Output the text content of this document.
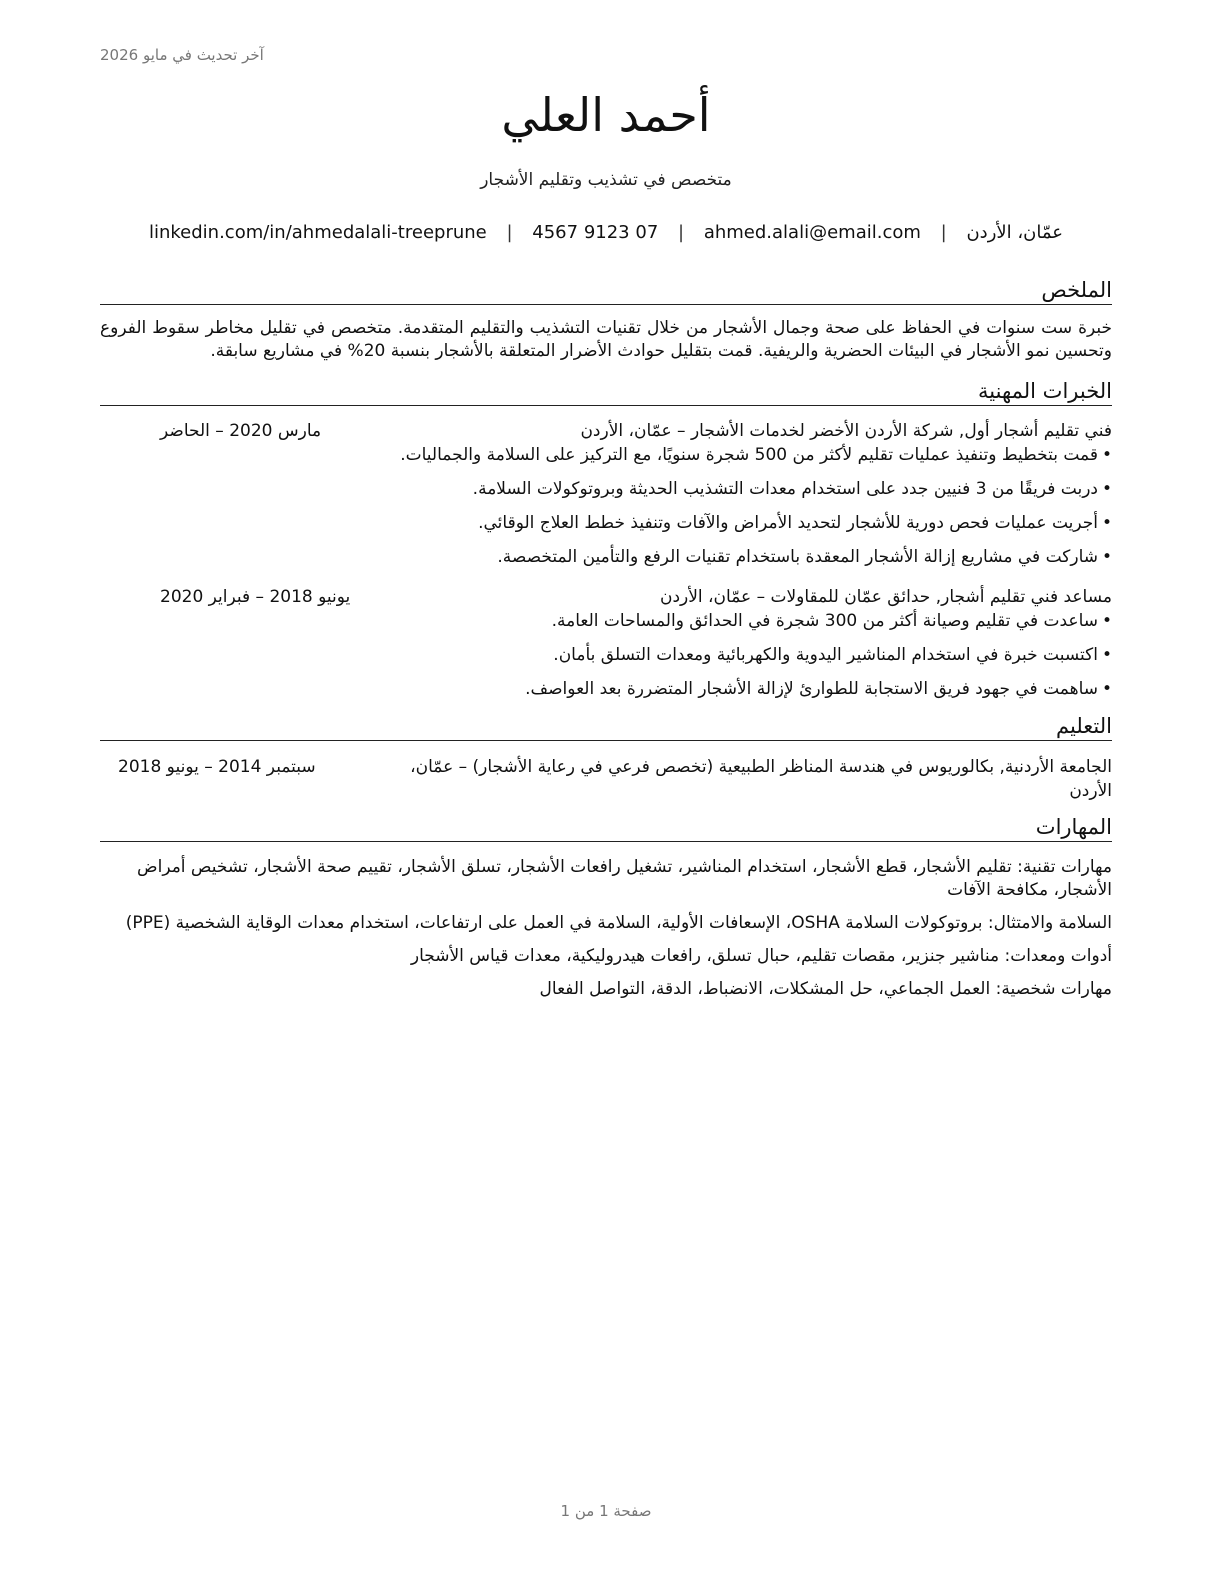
آخر تحديث في مايو 2026
أحمد العلي
متخصص في تشذيب وتقليم الأشجار
عمّان، الأردن | ahmed.alali@email.com | 07 9123 4567 | linkedin.com/in/ahmedalali-treeprune
الملخص

خبرة ست سنوات في الحفاظ على صحة وجمال الأشجار من خلال تقنيات التشذيب والتقليم المتقدمة. متخصص في تقليل مخاطر سقوط الفروع وتحسين نمو الأشجار في البيئات الحضرية والريفية. قمت بتقليل حوادث الأضرار المتعلقة بالأشجار بنسبة 20% في مشاريع سابقة.

الخبرات المهنية
فني تقليم أشجار أول, شركة الأردن الأخضر لخدمات الأشجار – عمّان، الأردن
مارس 2020 – الحاضر
•
قمت بتخطيط وتنفيذ عمليات تقليم لأكثر من 500 شجرة سنويًا، مع التركيز على السلامة والجماليات.
•
دربت فريقًا من 3 فنيين جدد على استخدام معدات التشذيب الحديثة وبروتوكولات السلامة.
•
أجريت عمليات فحص دورية للأشجار لتحديد الأمراض والآفات وتنفيذ خطط العلاج الوقائي.
•
شاركت في مشاريع إزالة الأشجار المعقدة باستخدام تقنيات الرفع والتأمين المتخصصة.
مساعد فني تقليم أشجار, حدائق عمّان للمقاولات – عمّان، الأردن
يونيو 2018 – فبراير 2020
•
ساعدت في تقليم وصيانة أكثر من 300 شجرة في الحدائق والمساحات العامة.
•
اكتسبت خبرة في استخدام المناشير اليدوية والكهربائية ومعدات التسلق بأمان.
•
ساهمت في جهود فريق الاستجابة للطوارئ لإزالة الأشجار المتضررة بعد العواصف.
التعليم
الجامعة الأردنية, بكالوريوس في هندسة المناظر الطبيعية (تخصص فرعي في رعاية الأشجار) – عمّان،
الأردن
سبتمبر 2014 – يونيو 2018
المهارات

مهارات تقنية: تقليم الأشجار، قطع الأشجار، استخدام المناشير، تشغيل رافعات الأشجار، تسلق الأشجار، تقييم صحة الأشجار، تشخيص أمراض الأشجار، مكافحة الآفات

السلامة والامتثال: بروتوكولات السلامة OSHA، الإسعافات الأولية، السلامة في العمل على ارتفاعات، استخدام معدات الوقاية الشخصية (PPE)

أدوات ومعدات: مناشير جنزير، مقصات تقليم، حبال تسلق، رافعات هيدروليكية، معدات قياس الأشجار

مهارات شخصية: العمل الجماعي، حل المشكلات، الانضباط، الدقة، التواصل الفعال

صفحة 1 من 1
